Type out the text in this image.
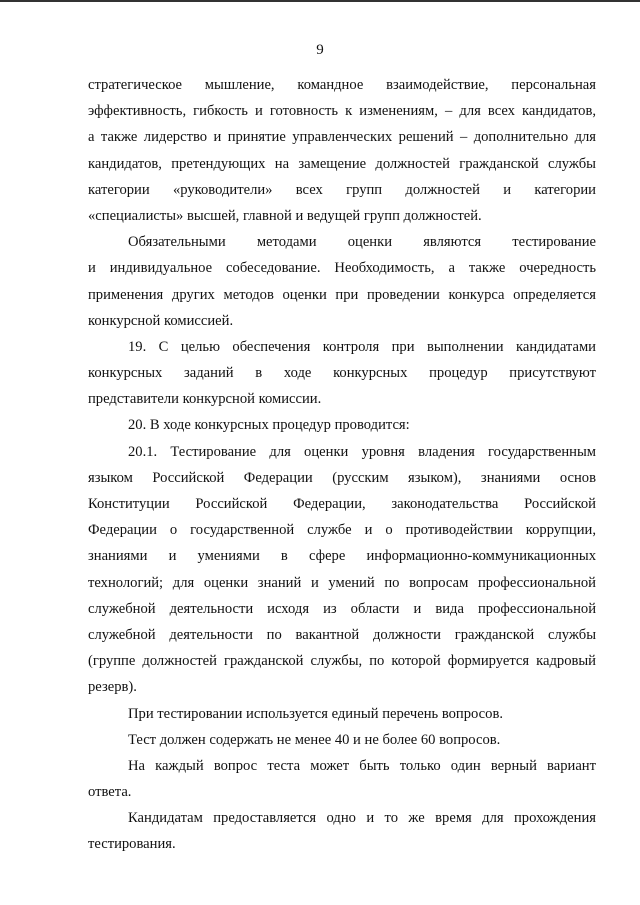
9
стратегическое мышление, командное взаимодействие, персональная
эффективность, гибкость и готовность к изменениям, – для всех кандидатов,
а также лидерство и принятие управленческих решений – дополнительно для
кандидатов, претендующих на замещение должностей гражданской службы
категории «руководители» всех групп должностей и категории
«специалисты» высшей, главной и ведущей групп должностей.
Обязательными методами оценки являются тестирование
и индивидуальное собеседование. Необходимость, а также очередность
применения других методов оценки при проведении конкурса определяется
конкурсной комиссией.
19. С целью обеспечения контроля при выполнении кандидатами
конкурсных заданий в ходе конкурсных процедур присутствуют
представители конкурсной комиссии.
20. В ходе конкурсных процедур проводится:
20.1. Тестирование для оценки уровня владения государственным
языком Российской Федерации (русским языком), знаниями основ
Конституции Российской Федерации, законодательства Российской
Федерации о государственной службе и о противодействии коррупции,
знаниями и умениями в сфере информационно-коммуникационных
технологий; для оценки знаний и умений по вопросам профессиональной
служебной деятельности исходя из области и вида профессиональной
служебной деятельности по вакантной должности гражданской службы
(группе должностей гражданской службы, по которой формируется кадровый
резерв).
При тестировании используется единый перечень вопросов.
Тест должен содержать не менее 40 и не более 60 вопросов.
На каждый вопрос теста может быть только один верный вариант
ответа.
Кандидатам предоставляется одно и то же время для прохождения
тестирования.
